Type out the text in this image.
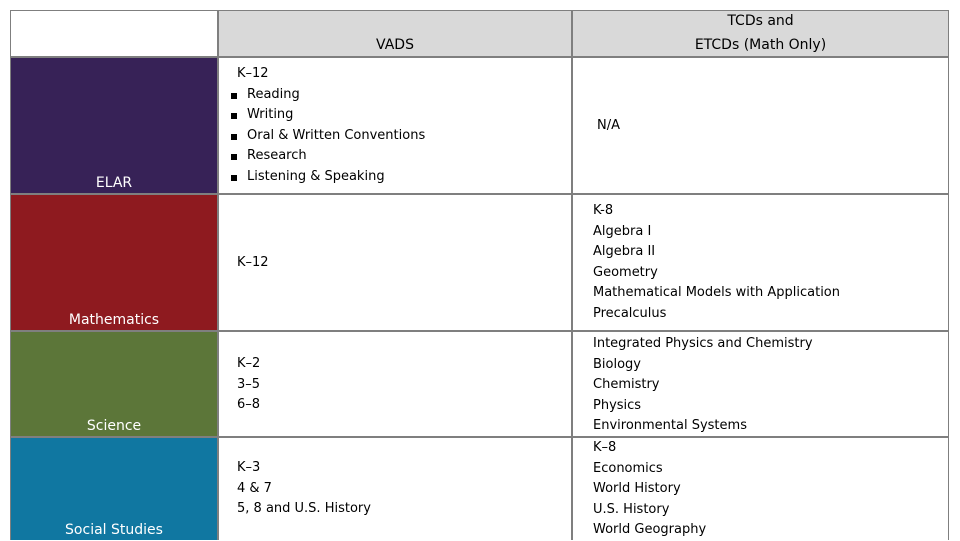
VADS
TCDs and
ETCDs (Math Only)
ELAR
K–12
Reading
Writing
Oral & Written Conventions
Research
Listening & Speaking
N/A
Mathematics
K–12
K-8
Algebra I
Algebra II
Geometry
Mathematical Models with Application
Precalculus
Science
K–2
3–5
6–8
Integrated Physics and Chemistry
Biology
Chemistry
Physics
Environmental Systems
Social Studies
K–3
4 & 7
5, 8 and U.S. History
K–8
Economics
World History
U.S. History
World Geography
